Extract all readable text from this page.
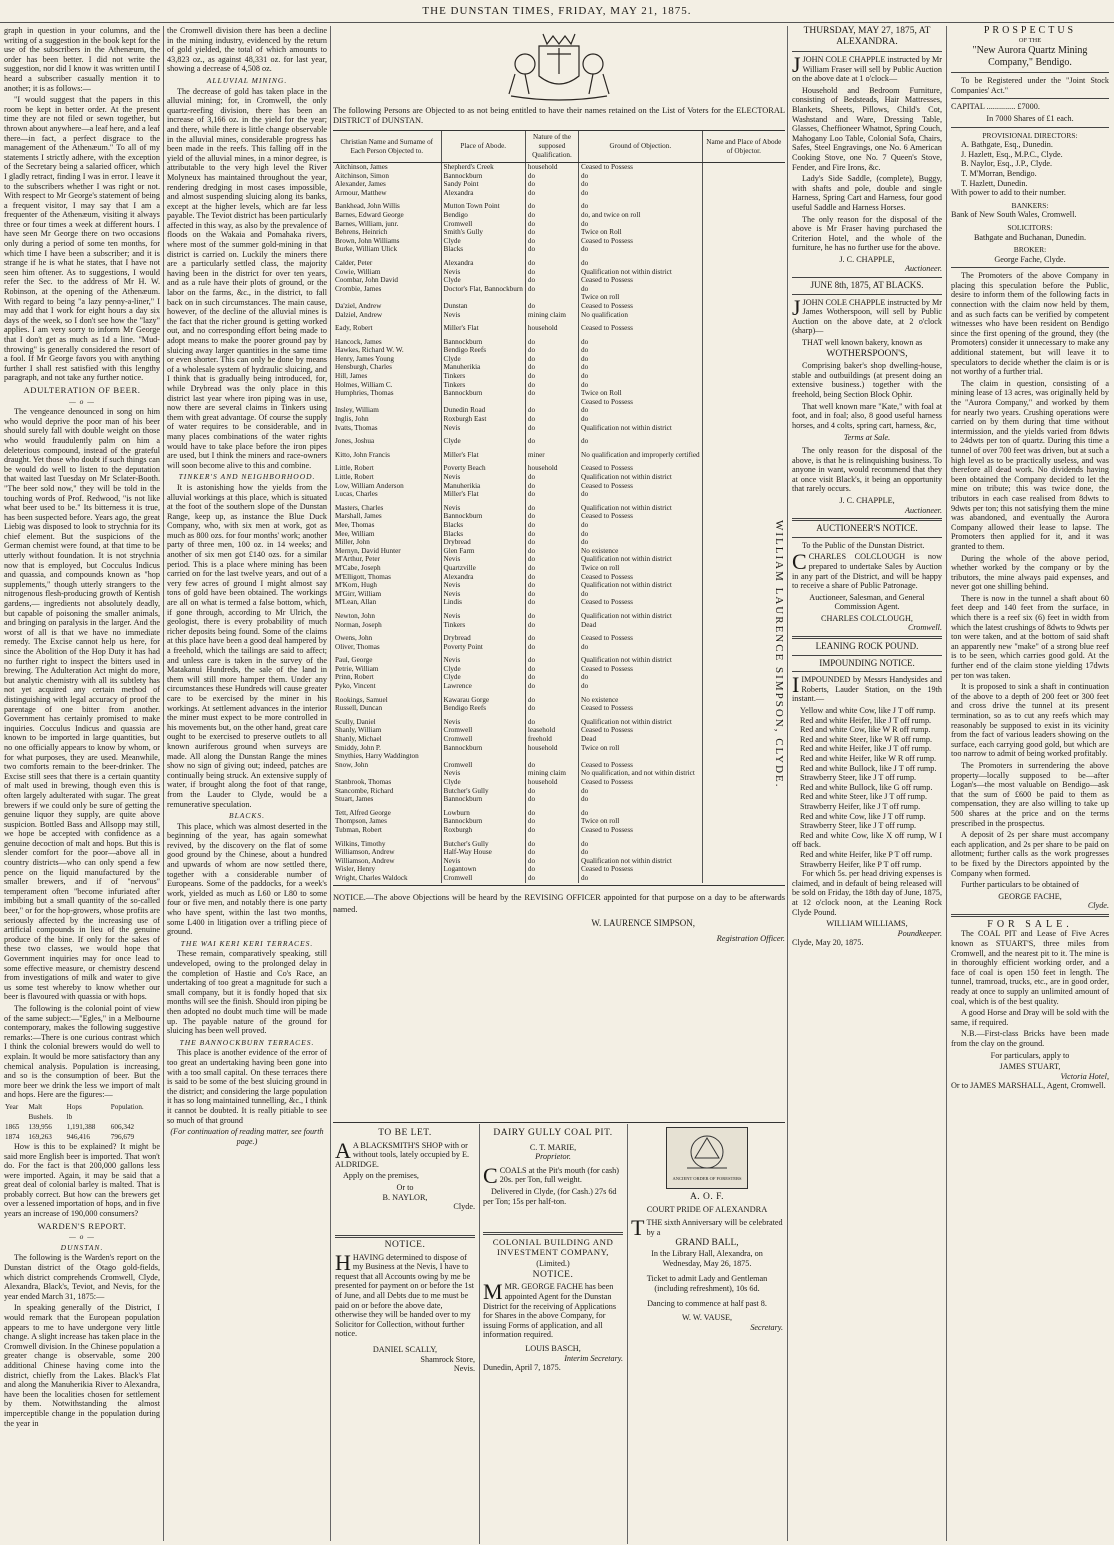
THE DUNSTAN TIMES, FRIDAY, MAY 21, 1875.

graph in question in your columns, and the writing of a suggestion in the book kept for the use of the subscribers in the Athenæum, the order has been better. I did not write the suggestion, nor did I know it was written until I heard a subscriber casually mention it to another; it is as follows:—

"I would suggest that the papers in this room be kept in better order. At the present time they are not filed or sewn together, but thrown about anywhere—a leaf here, and a leaf there—in fact, a perfect disgrace to the management of the Athenæum." To all of my statements I strictly adhere, with the exception of the Secretary being a salaried officer, which I gladly retract, finding I was in error. I leave it to the subscribers whether I was right or not. With respect to Mr George's statement of being a frequent visitor, I may say that I am a frequenter of the Athenæum, visiting it always three or four times a week at different hours. I have seen Mr George there on two occasions only during a period of some ten months, for which time I have been a subscriber; and it is strange if he is what he states, that I have not seen him oftener. As to suggestions, I would refer the Sec. to the address of Mr H. W. Robinson, at the opening of the Athenæum. With regard to being "a lazy penny-a-liner," I may add that I work for eight hours a day six days of the week, so I don't see how the "lazy" applies. I am very sorry to inform Mr George that I don't get as much as 1d a line. "Mud-throwing" is generally considered the resort of a fool. If Mr George favors you with anything further I shall rest satisfied with this lengthy paragraph, and not take any further notice.

ADULTERATION OF BEER.
— o —

The vengeance denounced in song on him who would deprive the poor man of his beer should surely fall with double weight on those who would fraudulently palm on him a deleterious compound, instead of the grateful draught. Yet those who doubt if such things can be would do well to listen to the deputation that waited last Tuesday on Mr Sclater-Booth. "The beer sold now," they will be told in the touching words of Prof. Redwood, "is not like what beer used to be." Its bitterness it is true, has been suspected before. Years ago, the great Liebig was disposed to look to strychnia for its chief element. But the suspicions of the German chemist were found, at that time to be utterly without foundation. It is not strychnia now that is employed, but Cocculus Indicus and quassia, and compounds known as "hop supplements," though utterly strangers to the nitrogenous flesh-producing growth of Kentish gardens,— ingredients not absolutely deadly, but capable of poisoning the smaller animals, and bringing on paralysis in the larger. And the worst of all is that we have no immediate remedy. The Excise cannot help us here, for since the Abolition of the Hop Duty it has had no further right to inspect the bitters used in brewing. The Adulteration Act might do more, but analytic chemistry with all its subtlety has not yet acquired any certain method of distinguishing with legal accuracy of proof the parentage of one bitter from another. Government has certainly promised to make inquiries. Cocculus Indicus and quassia are known to be imported in large quantities, but no one officially appears to know by whom, or for what purposes, they are used. Meanwhile, two comforts remain to the beer-drinker. The Excise still sees that there is a certain quantity of malt used in brewing, though even this is often largely adulterated with sugar. The great brewers if we could only be sure of getting the genuine liquor they supply, are quite above suspicion. Bottled Bass and Allsopp may still, we hope be accepted with confidence as a genuine decoction of malt and hops. But this is slender comfort for the poor—above all in country districts—who can only spend a few pence on the liquid manufactured by the smaller brewers, and if of "nervous" temperament often "become infuriated after imbibing but a small quantity of the so-called beer," or for the hop-growers, whose profits are seriously affected by the increasing use of artificial compounds in lieu of the genuine produce of the bine. If only for the sakes of these two classes, we would hope that Government inquiries may for once lead to some effective measure, or chemistry descend from investigations of milk and water to give us some test whereby to know whether our beer is flavoured with quassia or with hops.

The following is the colonial point of view of the same subject:—"Egles," in a Melbourne contemporary, makes the following suggestive remarks:—There is one curious contrast which I think the colonial brewers would do well to explain. It would be more satisfactory than any chemical analysis. Population is increasing, and so is the consumption of beer. But the more beer we drink the less we import of malt and hops. Here are the figures:—

Year	Malt	Hops	Population.
	Bushels.	lb	
1865	139,956	1,191,388	606,342
1874	169,263	946,416	796,679

How is this to be explained? It might be said more English beer is imported. That won't do. For the fact is that 200,000 gallons less were imported. Again, it may be said that a great deal of colonial barley is malted. That is probably correct. But how can the brewers get over a lessened importation of hops, and in five years an increase of 190,000 consumers?

WARDEN'S REPORT.
— o —
DUNSTAN.

The following is the Warden's report on the Dunstan district of the Otago gold-fields, which district comprehends Cromwell, Clyde, Alexandra, Black's, Teviot, and Nevis, for the year ended March 31, 1875:—

In speaking generally of the District, I would remark that the European population appears to me to have undergone very little change. A slight increase has taken place in the Cromwell division. In the Chinese population a greater change is observable, some 200 additional Chinese having come into the district, chiefly from the Lakes. Black's Flat and along the Manuherikia River to Alexandra, have been the localities chosen for settlement by them. Notwithstanding the almost imperceptible change in the population during the year in

the Cromwell division there has been a decline in the mining industry, evidenced by the return of gold yielded, the total of which amounts to 43,823 oz., as against 48,331 oz. for last year, showing a decrease of 4,508 oz.

ALLUVIAL MINING.

The decrease of gold has taken place in the alluvial mining; for, in Cromwell, the only quartz-reefing division, there has been an increase of 3,166 oz. in the yield for the year; and there, while there is little change observable in the alluvial mines, considerable progress has been made in the reefs. This falling off in the yield of the alluvial mines, in a minor degree, is attributable to the very high level the River Molyneux has maintained throughout the year, rendering dredging in most cases impossible, and almost suspending sluicing along its banks, except at the higher levels, which are far less payable. The Teviot district has been particularly affected in this way, as also by the prevalence of floods on the Wakaia and Pomahaka rivers, where most of the summer gold-mining in that district is carried on. Luckily the miners there are a particularly settled class, the majority having been in the district for over ten years, and as a rule have their plots of ground, or the labor on the farms, &c., in the district, to fall back on in such circumstances. The main cause, however, of the decline of the alluvial mines is the fact that the richer ground is getting worked out, and no corresponding effort being made to adopt means to make the poorer ground pay by sluicing away larger quantities in the same time or even shorter. This can only be done by means of a wholesale system of hydraulic sluicing, and I think that is gradually being introduced, for, while Drybread was the only place in this district last year where iron piping was in use, now there are several claims in Tinkers using them with great advantage. Of course the supply of water requires to be considerable, and in many places combinations of the water rights would have to take place before the iron pipes are used, but I think the miners and race-owners will soon become alive to this and combine.

TINKER'S AND NEIGHBORHOOD.

It is astonishing how the yields from the alluvial workings at this place, which is situated at the foot of the southern slope of the Dunstan Range, keep up, as instance the Blue Duck Company, who, with six men at work, got as much as 800 ozs. for four months' work; another party of three men, 100 oz. in 14 weeks; and another of six men got £140 ozs. for a similar period. This is a place where mining has been carried on for the last twelve years, and out of a very few acres of ground I might almost say tons of gold have been obtained. The workings are all on what is termed a false bottom, which, if gone through, according to Mr Ulrich, the geologist, there is every probability of much richer deposits being found. Some of the claims at this place have been a good deal hampered by a freehold, which the tailings are said to affect; and unless care is taken in the survey of the Matakanui Hundreds, the sale of the land in them will still more hamper them. Under any circumstances these Hundreds will cause greater care to be exercised by the miner in his workings. At settlement advances in the interior the miner must expect to be more controlled in his movements but, on the other hand, great care ought to be exercised to preserve outlets to all known auriferous ground when surveys are made. All along the Dunstan Range the mines show no sign of giving out; indeed, patches are continually being struck. An extensive supply of water, if brought along the foot of that range, from the Lauder to Clyde, would be a remunerative speculation.

BLACKS.

This place, which was almost deserted in the beginning of the year, has again somewhat revived, by the discovery on the flat of some good ground by the Chinese, about a hundred and upwards of whom are now settled there, together with a considerable number of Europeans. Some of the paddocks, for a week's work, yielded as much as L60 or L80 to some four or five men, and notably there is one party who have spent, within the last two months, some L400 in litigation over a trifling piece of ground.

THE WAI KERI KERI TERRACES.

These remain, comparatively speaking, still undeveloped, owing to the prolonged delay in the completion of Hastie and Co's Race, an undertaking of too great a magnitude for such a small company, but it is fondly hoped that six months will see the finish. Should iron piping be then adopted no doubt much time will be made up. The payable nature of the ground for sluicing has been well proved.

THE BANNOCKBURN TERRACES.

This place is another evidence of the error of too great an undertaking having been gone into with a too small capital. On these terraces there is said to be some of the best sluicing ground in the district; and considering the large population it has so long maintained tunnelling, &c., I think it cannot be doubted. It is really pitiable to see so much of that ground

(For continuation of reading matter, see fourth page.)

The following Persons are Objected to as not being entitled to have their names retained on the List of Voters for the ELECTORAL DISTRICT of DUNSTAN.

Christian Name and Surname of Each Person Objected to.	Place of Abode.	Nature of the supposed Qualification.	Ground of Objection.	Name and Place of Abode of Objector.
Aitchinson, James	Shepherd's Creek	household	Ceased to Possess	
Aitchinson, Simon	Bannockburn	do	do	
Alexander, James	Sandy Point	do	do	
Armour, Matthew	Alexandra	do	do	

Bankhead, John Willis	Mutton Town Point	do	do	
Barnes, Edward George	Bendigo	do	do, and twice on roll	
Barnes, William, junr.	Cromwell	do	do	
Behrens, Heinrich	Smith's Gully	do	Twice on Roll	
Brown, John Williams	Clyde	do	Ceased to Possess	
Burke, William Ulick	Blacks	do	do	

Calder, Peter	Alexandra	do	do	
Cowie, William	Nevis	do	Qualification not within district	
Coombar, John David	Clyde	do	Ceased to Possess	
Crombie, James	Doctor's Flat, Bannockburn	do	do	
			Twice on roll	
Da'ziel, Andrew	Dunstan	do	Ceased to Possess	
Dalziel, Andrew	Nevis	mining claim	No qualification	

Eady, Robert	Miller's Flat	household	Ceased to Possess	

Hancock, James	Bannockburn	do	do	
Hawkes, Richard W. W.	Bendigo Reefs	do	do	
Henry, James Young	Clyde	do	do	
Hensburgh, Charles	Manuherikia	do	do	
Hill, James	Tinkers	do	do	
Holmes, William C.	Tinkers	do	do	
Humphries, Thomas	Bannockburn	do	Twice on Roll	
			Ceased to Possess	
Insley, William	Dunedin Road	do	do	
Inglis, John	Roxburgh East	do	do	
Ivatts, Thomas	Nevis	do	Qualification not within district	

Jones, Joshua	Clyde	do	do	

Kitto, John Francis	Miller's Flat	miner	No qualification and improperly certified	

Little, Robert	Poverty Beach	household	Ceased to Possess	
Little, Robert	Nevis	do	Qualification not within district	
Low, William Anderson	Manuherikia	do	Ceased to Possess	
Lucas, Charles	Miller's Flat	do	do	

Masters, Charles	Nevis	do	Qualification not within district	
Marshall, James	Bannockburn	do	Ceased to Possess	
Mee, Thomas	Blacks	do	do	
Mee, William	Blacks	do	do	
Miller, John	Drybread	do	do	
Mernyn, David Hunter	Glen Farm	do	No existence	
M'Arthur, Peter	Nevis	do	Qualification not within district	
M'Cabe, Joseph	Quartzville	do	Twice on roll	
M'Elligott, Thomas	Alexandra	do	Ceased to Possess	
M'Korn, Hugh	Nevis	do	Qualification not within district	
M'Girr, William	Nevis	do	do	
M'Lean, Allan	Lindis	do	Ceased to Possess	

Newton, John	Nevis	do	Qualification not within district	
Norman, Joseph	Tinkers	do	Dead	

Owens, John	Drybread	do	Ceased to Possess	
Oliver, Thomas	Poverty Point	do	do	

Paul, George	Nevis	do	Qualification not within district	
Petrie, William	Clyde	do	Ceased to Possess	
Prinn, Robert	Clyde	do	do	
Pyko, Vincent	Lawrence	do	do	

Rookings, Samuel	Kawarau Gorge	do	No existence	
Russell, Duncan	Bendigo Reefs	do	Ceased to Possess	

Scully, Daniel	Nevis	do	Qualification not within district	
Shanly, William	Cromwell	leasehold	Ceased to Possess	
Shanly, Michael	Cromwell	freehold	Dead	
Smiddy, John P.	Bannockburn	household	Twice on roll	
Smythies, Harry Waddington				
Snow, John	Cromwell	do	Ceased to Possess	
	Nevis	mining claim	No qualification, and not within district	
Stanbrook, Thomas	Clyde	household	Ceased to Possess	
Stancombe, Richard	Butcher's Gully	do	do	
Stuart, James	Bannockburn	do	do	

Tett, Alfred George	Lowburn	do	do	
Thompson, James	Bannockburn	do	Twice on roll	
Tubman, Robert	Roxburgh	do	Ceased to Possess	

Wilkins, Timothy	Butcher's Gully	do	do	
Williamson, Andrew	Half-Way House	do	do	
Williamson, Andrew	Nevis	do	Qualification not within district	
Wisler, Henry	Logantown	do	Ceased to Possess	
Wright, Charles Waldock	Cromwell	do	do	

NOTICE.—The above Objections will be heard by the REVISING OFFICER appointed for that purpose on a day to be afterwards named.

W. LAURENCE SIMPSON,
Registration Officer.
WILLIAM LAURENCE SIMPSON, CLYDE.
TO BE LET.

A A BLACKSMITH'S SHOP with or without tools, lately occupied by E. ALDRIDGE.

Apply on the premises,

Or to
B. NAYLOR,
Clyde.
NOTICE.

HHAVING determined to dispose of my Business at the Nevis, I have to request that all Accounts owing by me be presented for payment on or before the 1st of June, and all Debts due to me must be paid on or before the above date, otherwise they will be handed over to my Solicitor for Collection, without further notice.

DANIEL SCALLY,
Shamrock Store,
Nevis.
DAIRY GULLY COAL PIT.
C. T. MARIE,
Proprietor.

CCOALS at the Pit's mouth (for cash) 20s. per Ton, full weight.

Delivered in Clyde, (for Cash.) 27s 6d per Ton; 15s per half-ton.

COLONIAL BUILDING AND INVESTMENT COMPANY,
(Limited.)
NOTICE.

MMR. GEORGE FACHE has been appointed Agent for the Dunstan District for the receiving of Applications for Shares in the above Company, for issuing Forms of application, and all information required.

LOUIS BASCH,
Interim Secretary.
Dunedin, April 7, 1875.
ANCIENT ORDER OF FORESTERS
A. O. F.
COURT PRIDE OF ALEXANDRA

TTHE sixth Anniversary will be celebrated by a

GRAND BALL,

In the Library Hall, Alexandra, on Wednesday, May 26, 1875.

Ticket to admit Lady and Gentleman (including refreshment), 10s 6d.

Dancing to commence at half past 8.

W. W. VAUSE,
Secretary.
THURSDAY, MAY 27, 1875, AT ALEXANDRA.

JJOHN COLE CHAPPLE instructed by Mr William Fraser will sell by Public Auction on the above date at 1 o'clock—

Household and Bedroom Furniture, consisting of Bedsteads, Hair Mattresses, Blankets, Sheets, Pillows, Child's Cot, Washstand and Ware, Dressing Table, Glasses, Cheffioneer Whatnot, Spring Couch, Mahogany Loo Table, Colonial Sofa, Chairs, Safes, Steel Engravings, one No. 6 American Cooking Stove, one No. 7 Queen's Stove, Fender, and Fire Irons, &c.

Lady's Side Saddle, (complete), Buggy, with shafts and pole, double and single Harness, Spring Cart and Harness, four good useful Saddle and Harness Horses.

The only reason for the disposal of the above is Mr Fraser having purchased the Criterion Hotel, and the whole of the furniture, he has no further use for the above.

J. C. CHAPPLE,
Auctioneer.
JUNE 8th, 1875, AT BLACKS.

JJOHN COLE CHAPPLE instructed by Mr James Wotherspoon, will sell by Public Auction on the above date, at 2 o'clock (sharp)—

THAT well known bakery, known as

WOTHERSPOON'S,

Comprising baker's shop dwelling-house, stable and outbuildings (at present doing an extensive business.) together with the freehold, being Section Block Ophir.

That well known mare "Kate," with foal at foot, and in foal; also, 8 good useful harness horses, and 4 colts, spring cart, harness, &c,

Terms at Sale.

The only reason for the disposal of the above, is that he is relinquishing business. To anyone in want, would recommend that they at once visit Black's, it being an opportunity that rarely occurs.

J. C. CHAPPLE,
Auctioneer.
AUCTIONEER'S NOTICE.

To the Public of the Dunstan District.

CCHARLES COLCLOUGH is now prepared to undertake Sales by Auction in any part of the District, and will be happy to receive a share of Public Patronage.

Auctioneer, Salesman, and General Commission Agent.

CHARLES COLCLOUGH,
Cromwell.
LEANING ROCK POUND.
IMPOUNDING NOTICE.

IIMPOUNDED by Messrs Handysides and Roberts, Lauder Station, on the 19th instant.—

Yellow and white Cow, like J T off rump.
Red and white Heifer, like J T off rump.
Red and white Cow, like W R off rump.
Red and white Steer, like W R off rump.
Red and white Heifer, like J T off rump.
Red and white Heifer, like W R off rump.
Red and white Bullock, like J T off rump.
Strawberry Steer, like J T off rump.
Red and white Bullock, like G off rump.
Red and white Steer, like J T off rump.
Strawberry Heifer, like J T off rump.
Red and white Cow, like J T off rump.
Strawberry Steer, like J T off rump.
Red and white Cow, like X off rump, W I off back.
Red and white Heifer, like P T off rump.
Strawberry Heifer, like P T off rump.

For which 5s. per head driving expenses is claimed, and in default of being released will be sold on Friday, the 18th day of June, 1875, at 12 o'clock noon, at the Leaning Rock Clyde Pound.

WILLIAM WILLIAMS,
Poundkeeper.
Clyde, May 20, 1875.
PROSPECTUS
OF THE
"New Aurora Quartz Mining Company," Bendigo.

To be Registered under the "Joint Stock Companies' Act."

CAPITAL .............. £7000.

In 7000 Shares of £1 each.
PROVISIONAL DIRECTORS:
A. Bathgate, Esq., Dunedin.
J. Hazlett, Esq., M.P.C., Clyde.
B. Naylor, Esq., J.P., Clyde.
T. M'Morran, Bendigo.
T. Hazlett, Dunedin.
With power to add to their number.
BANKERS:
Bank of New South Wales, Cromwell.
SOLICITORS:
Bathgate and Buchanan, Dunedin.
BROKER:
George Fache, Clyde.

The Promoters of the above Company in placing this speculation before the Public, desire to inform them of the following facts in connection with the claim now held by them, and as such facts can be verified by competent witnesses who have been resident on Bendigo since the first opening of the ground, they (the Promoters) consider it unnecessary to make any additional statement, but will leave it to speculators to decide whether the claim is or is not worthy of a further trial.

The claim in question, consisting of a mining lease of 13 acres, was originally held by the "Aurora Company," and worked by them for nearly two years. Crushing operations were carried on by them during that time without intermission, and the yields varied from 8dwts to 24dwts per ton of quartz. During this time a tunnel of over 700 feet was driven, but at such a high level as to be practically useless, and was therefore all dead work. No dividends having been obtained the Company decided to let the mine on tribute; this was twice done, the tributors in each case realised from 8dwts to 9dwts per ton; this not satisfying them the mine was abandoned, and eventually the Aurora Company allowed their lease to lapse. The Promoters then applied for it, and it was granted to them.

During the whole of the above period, whether worked by the company or by the tributors, the mine always paid expenses, and never got one shilling behind.

There is now in the tunnel a shaft about 60 feet deep and 140 feet from the surface, in which there is a reef six (6) feet in width from which the latest crushings of 8dwts to 9dwts per ton were taken, and at the bottom of said shaft an apparently new "make" of a strong blue reef is to be seen, which carries good gold. At the further end of the claim stone yielding 17dwts per ton was taken.

It is proposed to sink a shaft in continuation of the above to a depth of 200 feet or 300 feet and cross drive the tunnel at its present termination, so as to cut any reefs which may reasonably be supposed to exist in its vicinity from the fact of various leaders showing on the surface, each carrying good gold, but which are too narrow to admit of being worked profitably.

The Promoters in surrendering the above property—locally supposed to be—after Logan's—the most valuable on Bendigo—ask that the sum of £600 be paid to them as compensation, they are also willing to take up 500 shares at the price and on the terms prescribed in the prospectus.

A deposit of 2s per share must accompany each application, and 2s per share to be paid on allotment; further calls as the work progresses to be fixed by the Directors appointed by the Company when formed.

Further particulars to be obtained of

GEORGE FACHE,
Clyde.
FOR SALE.

The COAL PIT and Lease of Five Acres known as STUART'S, three miles from Cromwell, and the nearest pit to it. The mine is in thoroughly efficient working order, and a face of coal is open 150 feet in length. The tunnel, tramroad, trucks, etc., are in good order, ready at once to supply an unlimited amount of coal, which is of the best quality.

A good Horse and Dray will be sold with the same, if required.

N.B.—First-class Bricks have been made from the clay on the ground.

For particulars, apply to

JAMES STUART,
Victoria Hotel,
Or to JAMES MARSHALL, Agent, Cromwell.
